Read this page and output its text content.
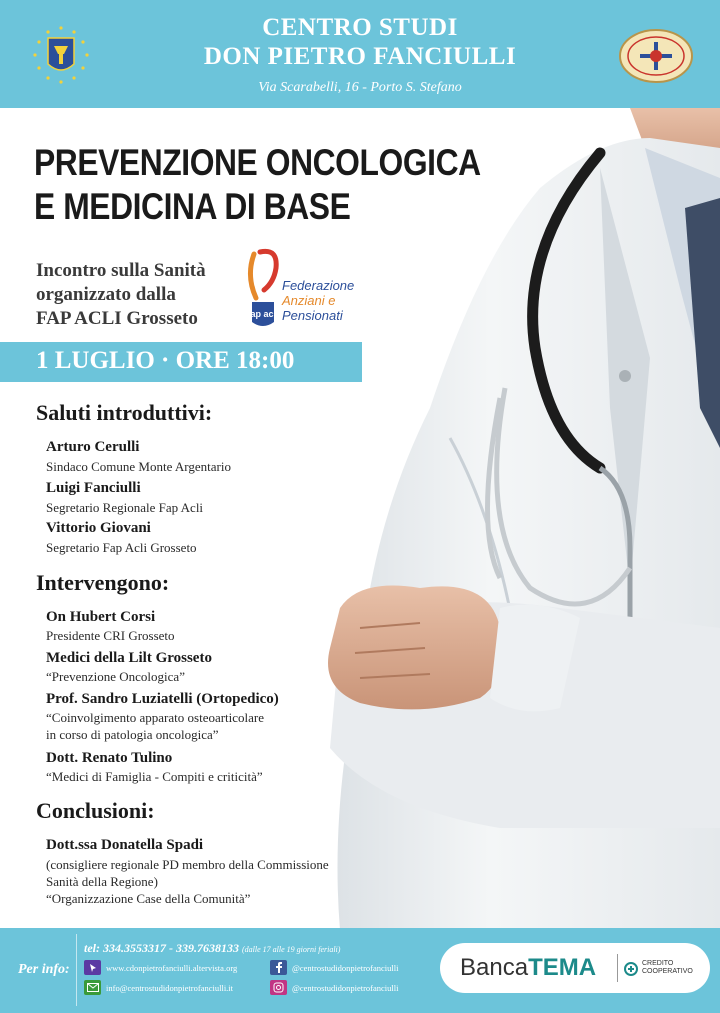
CENTRO STUDI
DON PIETRO FANCIULLI
Via Scarabelli, 16 - Porto S. Stefano
PREVENZIONE ONCOLOGICA
E MEDICINA DI BASE
Incontro sulla Sanità
organizzato dalla
FAP ACLI Grosseto	fap acli
Federazione
Anziani e
Pensionati
1 LUGLIO · ORE 18:00
Saluti introduttivi:
Arturo Cerulli
Sindaco Comune Monte Argentario
Luigi Fanciulli
Segretario Regionale Fap Acli
Vittorio Giovani
Segretario Fap Acli Grosseto
Intervengono:
On Hubert Corsi
Presidente CRI Grosseto
Medici della Lilt Grosseto
“Prevenzione Oncologica”
Prof. Sandro Luziatelli (Ortopedico)
“Coinvolgimento apparato osteoarticolare
in corso di patologia oncologica”
Dott. Renato Tulino
“Medici di Famiglia - Compiti e criticità”
Conclusioni:
Dott.ssa Donatella Spadi
(consigliere regionale PD membro della Commissione
Sanità della Regione)
“Organizzazione Case della Comunità”
Per info:
tel: 334.3553317 - 339.7638133 (dalle 17 alle 19 giorni feriali)
www.cdonpietrofanciulli.altervista.org
info@centrostudidonpietrofanciulli.it
@centrostudidonpietrofanciulli
@centrostudidonpietrofanciulli
BancaTEMA	CREDITO
COOPERATIVO
